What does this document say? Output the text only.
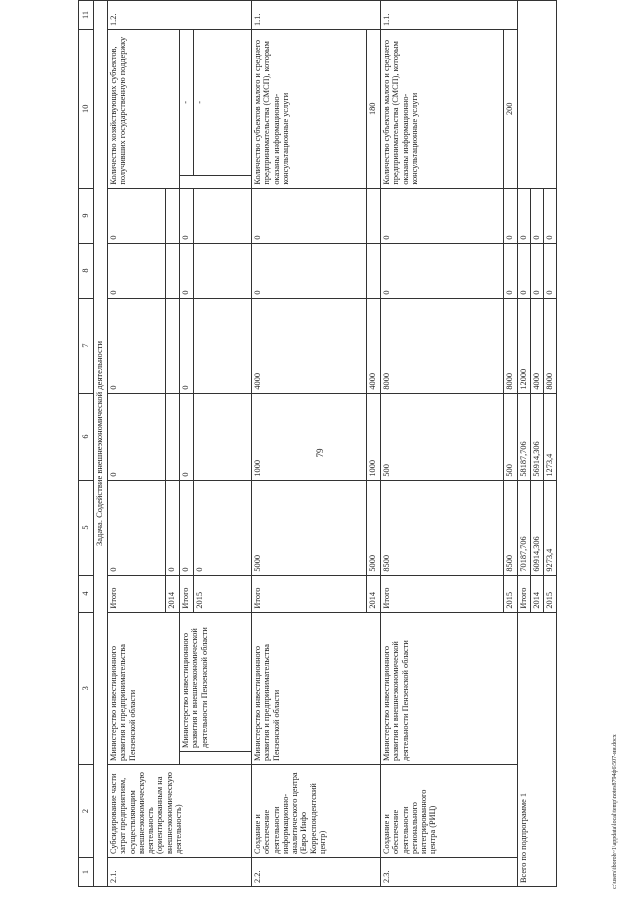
79
c:\users\iboroh~1\appdata\local\temp\notes8794ф6\507-ии.docx
1	2	3		4	5	6	7	8	9	10		11
Задача. Содействие внешнеэкономической деятельности												
2.1.	Субсидирование части затрат предприятиям, осуществляющим внешнеэкономическую деятельность (ориентированным на внешнеэкономическую деятельность)	Министерство инвестиционного развития и предпринимательства Пензенской области		Итого	0	0	0	0	0	Количество хозяйствующих субъектов, получивших государственную поддержку		1.2.
				2014	0							
			Министерство инвестиционного развития и внешнеэкономической деятельности Пензенской области	Итого	0	0	0	0	0		-	
				2015	0						-	
2.2.	Создание и обеспечение деятельности информационно-аналитического центра (Евро Инфо Корреспондентский центр)	Министерство инвестиционного развития и предпринимательства Пензенской области		Итого	5000	1000	4000	0	0	Количество субъектов малого и среднего предпринимательства (СМСП), которым оказаны информационно-консультационные услуги		1.1.
				2014	5000	1000	4000			180		
2.3.	Создание и обеспечение деятельности регионального интегрированного центра (РИЦ)	Министерство инвестиционного развития и внешнеэкономической деятельности Пензенской области		Итого	8500	500	8000	0	0	Количество субъектов малого и среднего предпринимательства (СМСП), которым оказаны информационно-консультационные услуги		1.1.
				2015	8500	500	8000	0	0	200		
Всего по подпрограмме 1				Итого	70187,706	58187,706	12000	0	0			
				2014	60914,306	56914,306	4000	0	0			
				2015	9273,4	1273,4	8000	0	0			
